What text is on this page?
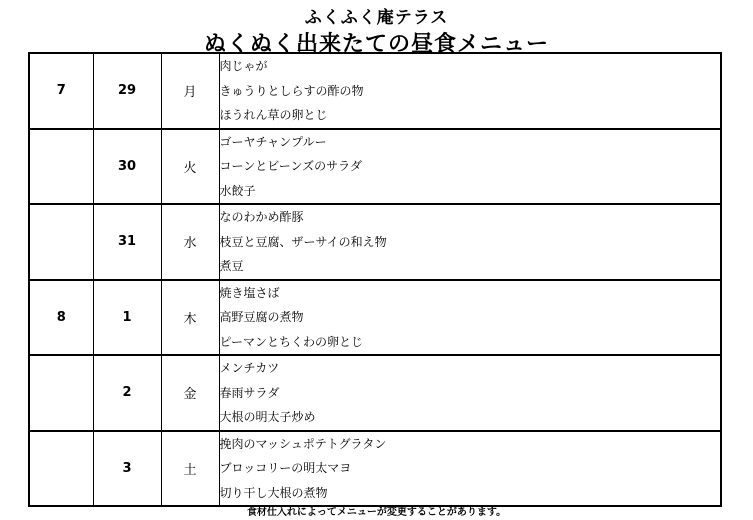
ふくふく庵テラス
ぬくぬく出来たての昼食メニュー
7	29	月	肉じゃが
きゅうりとしらすの酢の物
ほうれん草の卵とじ

	30	火	ゴーヤチャンプルー
コーンとビーンズのサラダ
水餃子

	31	水	なのわかめ酢豚
枝豆と豆腐、ザーサイの和え物
煮豆

8	1	木	焼き塩さば
高野豆腐の煮物
ピーマンとちくわの卵とじ

	2	金	メンチカツ
春雨サラダ
大根の明太子炒め

	3	土	挽肉のマッシュポテトグラタン
ブロッコリーの明太マヨ
切り干し大根の煮物
食材仕入れによってメニューが変更することがあります。
